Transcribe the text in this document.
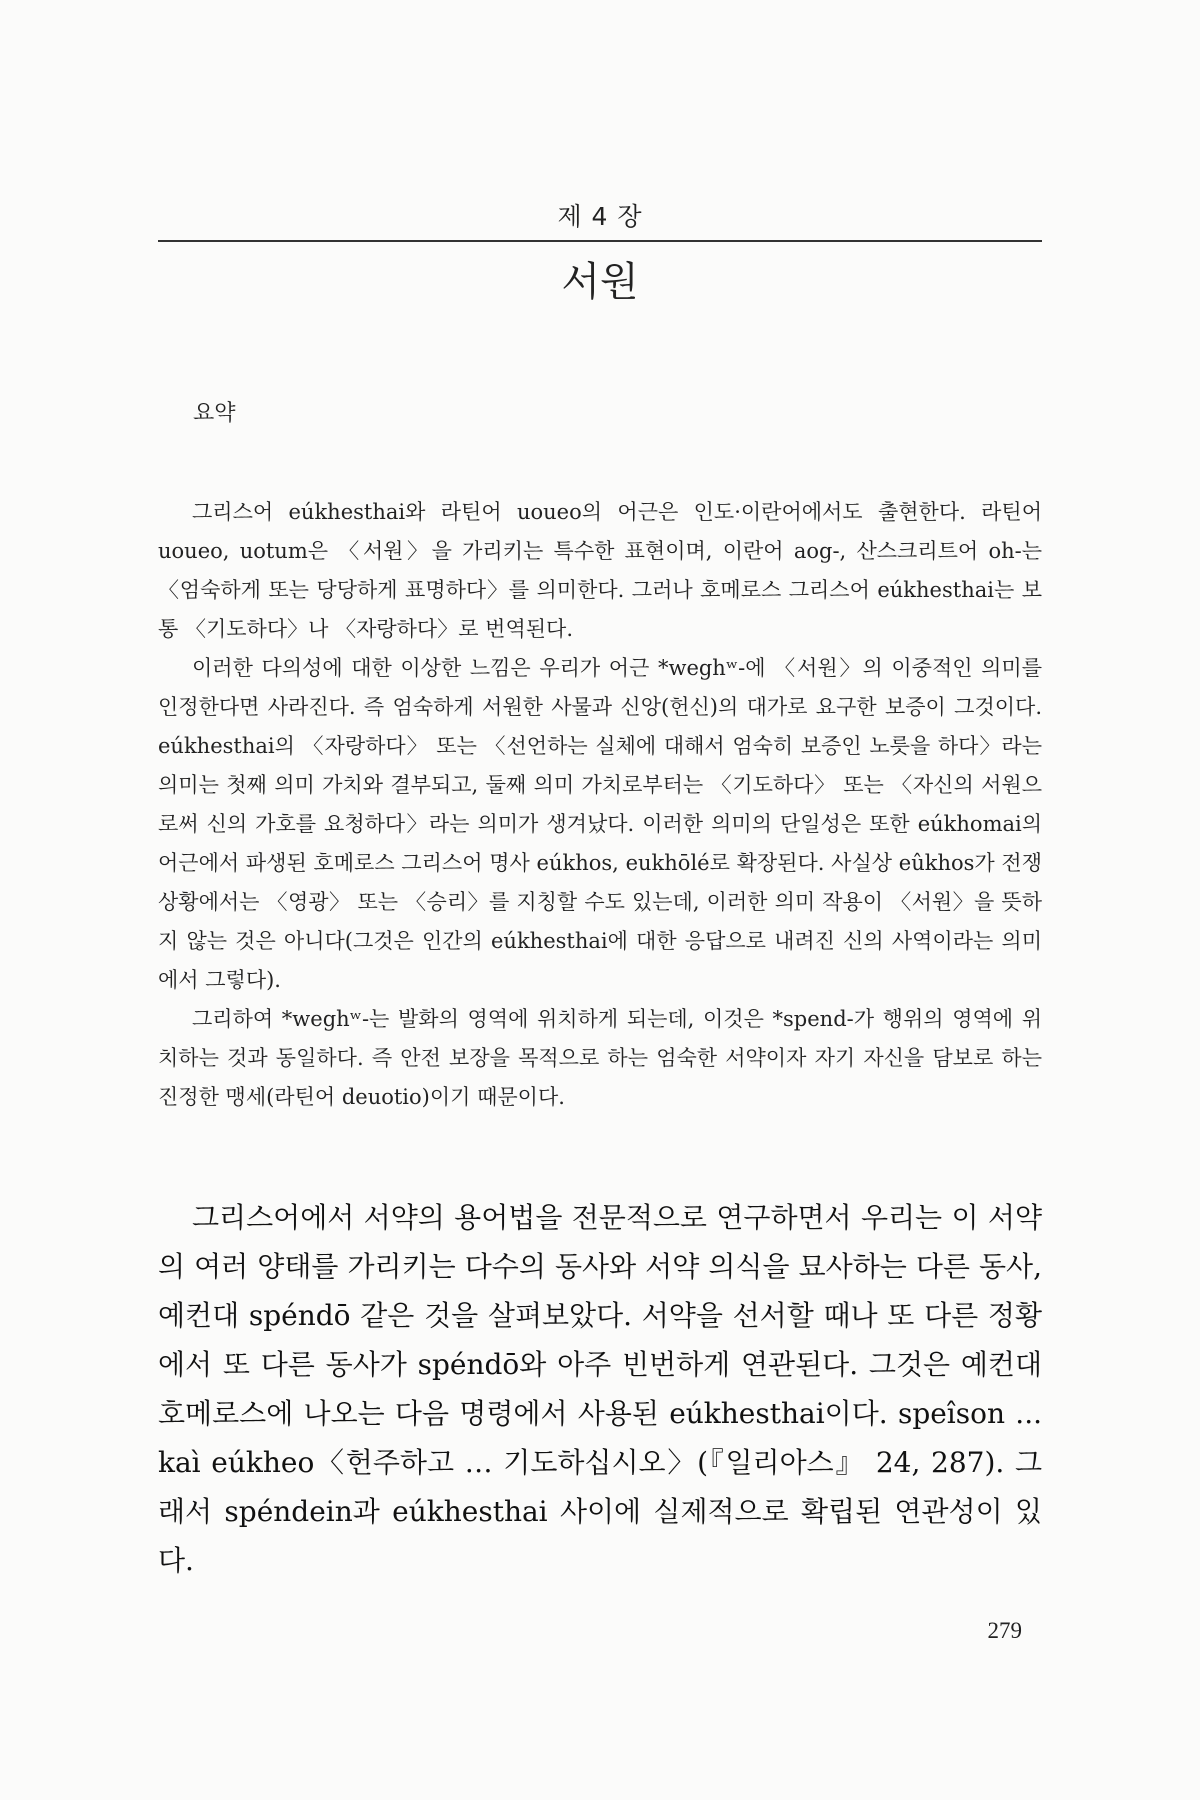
제 4 장
서원
요약

그리스어 eúkhesthai와 라틴어 uoueo의 어근은 인도·이란어에서도 출현한다. 라틴어 uoueo, uotum은 〈서원〉을 가리키는 특수한 표현이며, 이란어 aog-, 산스크리트어 oh-는 〈엄숙하게 또는 당당하게 표명하다〉를 의미한다. 그러나 호메로스 그리스어 eúkhesthai는 보통 〈기도하다〉나 〈자랑하다〉로 번역된다.

이러한 다의성에 대한 이상한 느낌은 우리가 어근 *weghʷ-에 〈서원〉의 이중적인 의미를 인정한다면 사라진다. 즉 엄숙하게 서원한 사물과 신앙(헌신)의 대가로 요구한 보증이 그것이다. eúkhesthai의 〈자랑하다〉 또는 〈선언하는 실체에 대해서 엄숙히 보증인 노릇을 하다〉라는 의미는 첫째 의미 가치와 결부되고, 둘째 의미 가치로부터는 〈기도하다〉 또는 〈자신의 서원으로써 신의 가호를 요청하다〉라는 의미가 생겨났다. 이러한 의미의 단일성은 또한 eúkhomai의 어근에서 파생된 호메로스 그리스어 명사 eúkhos, eukhōlé로 확장된다. 사실상 eûkhos가 전쟁 상황에서는 〈영광〉 또는 〈승리〉를 지칭할 수도 있는데, 이러한 의미 작용이 〈서원〉을 뜻하지 않는 것은 아니다(그것은 인간의 eúkhesthai에 대한 응답으로 내려진 신의 사역이라는 의미에서 그렇다).

그리하여 *weghʷ-는 발화의 영역에 위치하게 되는데, 이것은 *spend-가 행위의 영역에 위치하는 것과 동일하다. 즉 안전 보장을 목적으로 하는 엄숙한 서약이자 자기 자신을 담보로 하는 진정한 맹세(라틴어 deuotio)이기 때문이다.

그리스어에서 서약의 용어법을 전문적으로 연구하면서 우리는 이 서약의 여러 양태를 가리키는 다수의 동사와 서약 의식을 묘사하는 다른 동사, 예컨대 spéndō 같은 것을 살펴보았다. 서약을 선서할 때나 또 다른 정황에서 또 다른 동사가 spéndō와 아주 빈번하게 연관된다. 그것은 예컨대 호메로스에 나오는 다음 명령에서 사용된 eúkhesthai이다. speîson ... kaì eúkheo〈헌주하고 … 기도하십시오〉(『일리아스』 24, 287). 그래서 spéndein과 eúkhesthai 사이에 실제적으로 확립된 연관성이 있다.

279
